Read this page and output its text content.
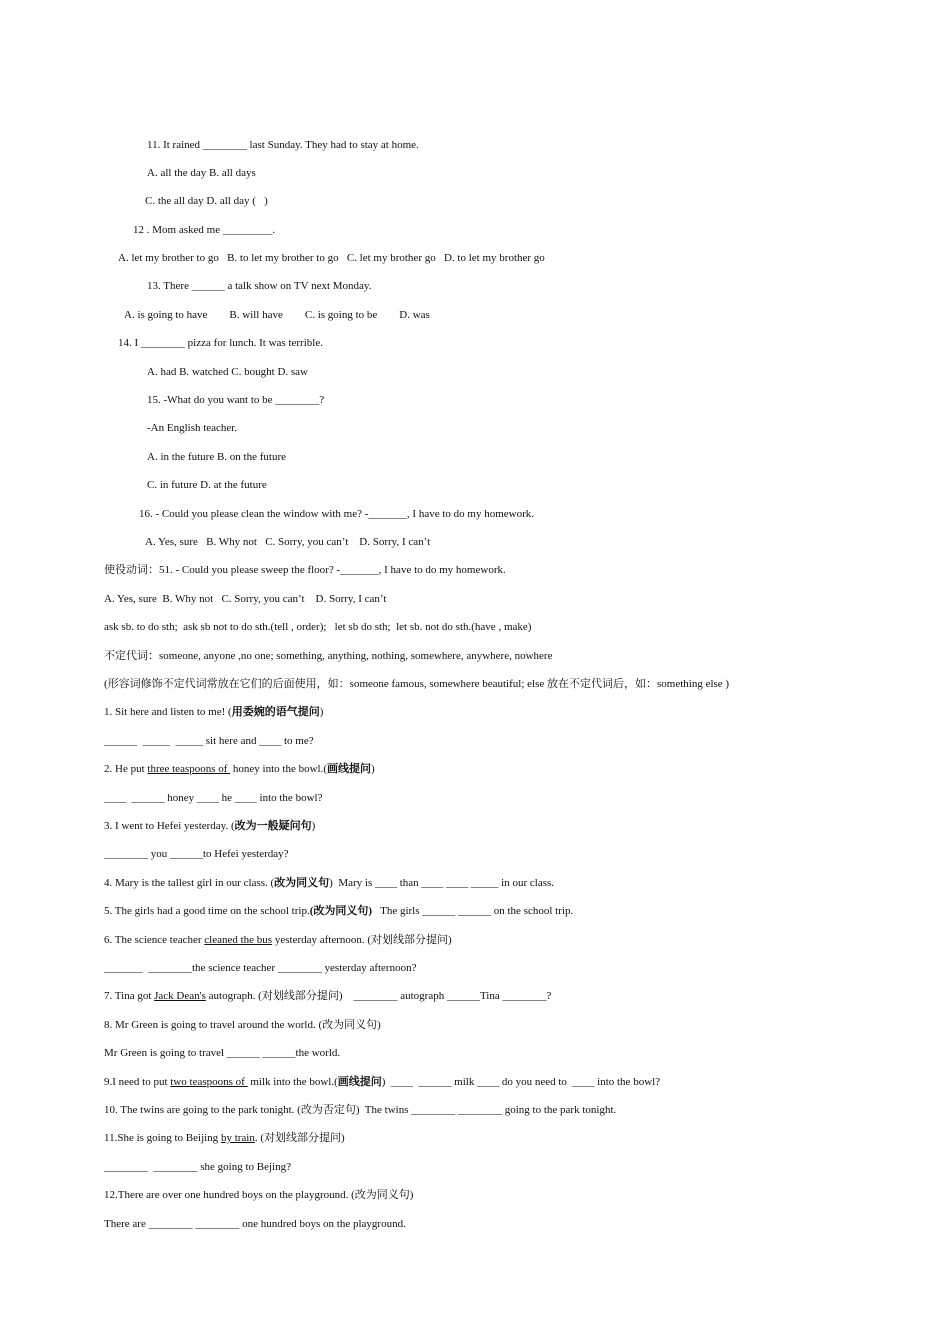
11. It rained ________ last Sunday. They had to stay at home.
A. all the day B. all days
C. the all day D. all day (   )
12 . Mom asked me _________.
A. let my brother to go   B. to let my brother to go   C. let my brother go   D. to let my brother go
13. There ______ a talk show on TV next Monday.
A. is going to have        B. will have        C. is going to be        D. was
14. I ________ pizza for lunch. It was terrible.
A. had B. watched C. bought D. saw
15. -What do you want to be ________?
-An English teacher.
A. in the future B. on the future
C. in future D. at the future
16. - Could you please clean the window with me? -_______, I have to do my homework.
A. Yes, sure   B. Why not   C. Sorry, you can’t    D. Sorry, I can’t
使役动词：51. - Could you please sweep the floor? -_______, I have to do my homework.
A. Yes, sure  B. Why not   C. Sorry, you can’t    D. Sorry, I can’t
ask sb. to do sth;  ask sb not to do sth.(tell , order);   let sb do sth;  let sb. not do sth.(have , make)
不定代词：someone, anyone ,no one; something, anything, nothing, somewhere, anywhere, nowhere
(形容词修饰不定代词常放在它们的后面使用，如：someone famous, somewhere beautiful; else 放在不定代词后，如：something else )
1. Sit here and listen to me! (用委婉的语气提问)
______  _____  _____ sit here and ____ to me?
2. He put three teaspoons of  honey into the bowl.(画线提问)
____  ______ honey ____ he ____ into the bowl?
3. I went to Hefei yesterday. (改为一般疑问句)
________ you ______to Hefei yesterday?
4. Mary is the tallest girl in our class. (改为同义句)  Mary is ____ than ____ ____ _____ in our class.
5. The girls had a good time on the school trip.(改为同义句)   The girls ______ ______ on the school trip.
6. The science teacher cleaned the bus yesterday afternoon. (对划线部分提问)
_______  ________the science teacher ________ yesterday afternoon?
7. Tina got Jack Dean's autograph. (对划线部分提问)    ________ autograph ______Tina ________?
8. Mr Green is going to travel around the world. (改为同义句)
Mr Green is going to travel ______ ______the world.
9.I need to put two teaspoons of  milk into the bowl.(画线提问)  ____  ______ milk ____ do you need to  ____ into the bowl?
10. The twins are going to the park tonight. (改为否定句)  The twins ________ ________ going to the park tonight.
11.She is going to Beijing by train. (对划线部分提问)
________  ________ she going to Bejing?
12.There are over one hundred boys on the playground. (改为同义句)
There are ________ ________ one hundred boys on the playground.
